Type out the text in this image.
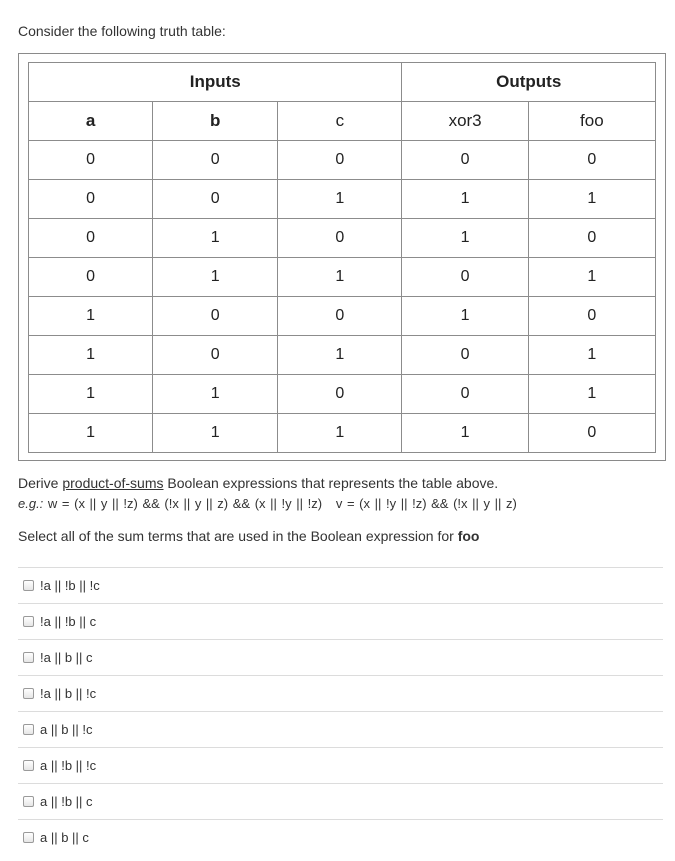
Consider the following truth table:
Inputs			Outputs	
a	b	c	xor3	foo
0	0	0	0	0
0	0	1	1	1
0	1	0	1	0
0	1	1	0	1
1	0	0	1	0
1	0	1	0	1
1	1	0	0	1
1	1	1	1	0
Derive product-of-sums Boolean expressions that represents the table above.
e.g.: w = (x || y || !z) && (!x || y || z) && (x || !y || !z)   v = (x || !y || !z) && (!x || y || z)
Select all of the sum terms that are used in the Boolean expression for foo
!a || !b || !c
!a || !b || c
!a || b || c
!a || b || !c
a || b || !c
a || !b || !c
a || !b || c
a || b || c
